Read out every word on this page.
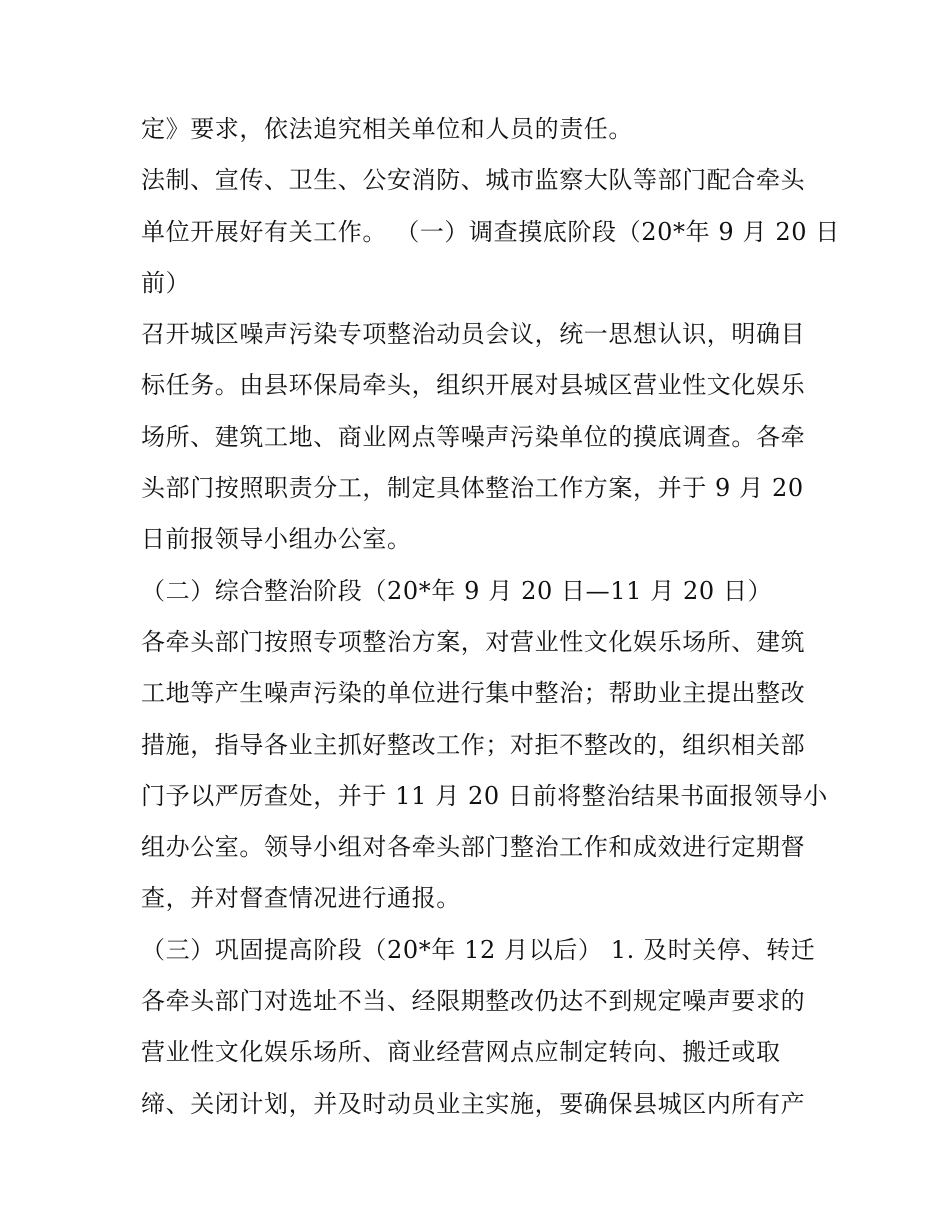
定》要求，依法追究相关单位和人员的责任。
法制、宣传、卫生、公安消防、城市监察大队等部门配合牵头
单位开展好有关工作。 （一）调查摸底阶段（20*年 9 月 20 日
前）
召开城区噪声污染专项整治动员会议，统一思想认识，明确目
标任务。由县环保局牵头，组织开展对县城区营业性文化娱乐
场所、建筑工地、商业网点等噪声污染单位的摸底调查。各牵
头部门按照职责分工，制定具体整治工作方案，并于 9 月 20
日前报领导小组办公室。
（二）综合整治阶段（20*年 9 月 20 日—11 月 20 日）
各牵头部门按照专项整治方案，对营业性文化娱乐场所、建筑
工地等产生噪声污染的单位进行集中整治；帮助业主提出整改
措施，指导各业主抓好整改工作；对拒不整改的，组织相关部
门予以严厉查处，并于 11 月 20 日前将整治结果书面报领导小
组办公室。领导小组对各牵头部门整治工作和成效进行定期督
查，并对督查情况进行通报。
（三）巩固提高阶段（20*年 12 月以后） 1. 及时关停、转迁
各牵头部门对选址不当、经限期整改仍达不到规定噪声要求的
营业性文化娱乐场所、商业经营网点应制定转向、搬迁或取
缔、关闭计划，并及时动员业主实施，要确保县城区内所有产
